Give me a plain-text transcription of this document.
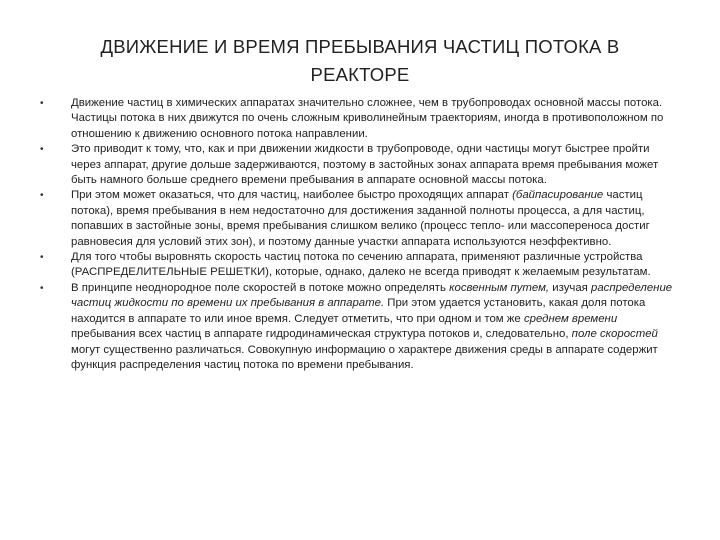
ДВИЖЕНИЕ И ВРЕМЯ ПРЕБЫВАНИЯ ЧАСТИЦ ПОТОКА В РЕАКТОРЕ
•	Движение частиц в химических аппаратах значительно сложнее, чем в трубопроводах основной массы потока. Частицы потока в них движутся по очень сложным криволинейным траекториям, иногда в противоположном по отношению к движению основного потока направлении.
•	Это приводит к тому, что, как и при движении жидкости в трубопроводе, одни частицы могут быстрее пройти через аппарат, другие дольше задерживаются, поэтому в застойных зонах аппарата время пребывания может быть намного больше среднего времени пребывания в аппарате основной массы потока.
•	При этом может оказаться, что для частиц, наиболее быстро проходящих аппарат (байпасирование частиц потока), время пребывания в нем недостаточно для достижения заданной полноты процесса, а для частиц, попавших в застойные зоны, время пребывания слишком велико (процесс тепло- или массопереноса достиг равновесия для условий этих зон), и поэтому данные участки аппарата используются неэффективно.
•	Для того чтобы выровнять скорость частиц потока по сечению аппарата, применяют различные устройства (РАСПРЕДЕЛИТЕЛЬНЫЕ РЕШЕТКИ), которые, однако, далеко не всегда приводят к желаемым результатам.
•	В принципе неоднородное поле скоростей в потоке можно определять косвенным путем, изучая распределение частиц жидкости по времени их пребывания в аппарате. При этом удается установить, какая доля потока находится в аппарате то или иное время. Следует отметить, что при одном и том же среднем времени пребывания всех частиц в аппарате гидродинамическая структура потоков и, следовательно, поле скоростей могут существенно различаться. Совокупную информацию о характере движения среды в аппарате содержит функция распределения частиц потока по времени пребывания.
